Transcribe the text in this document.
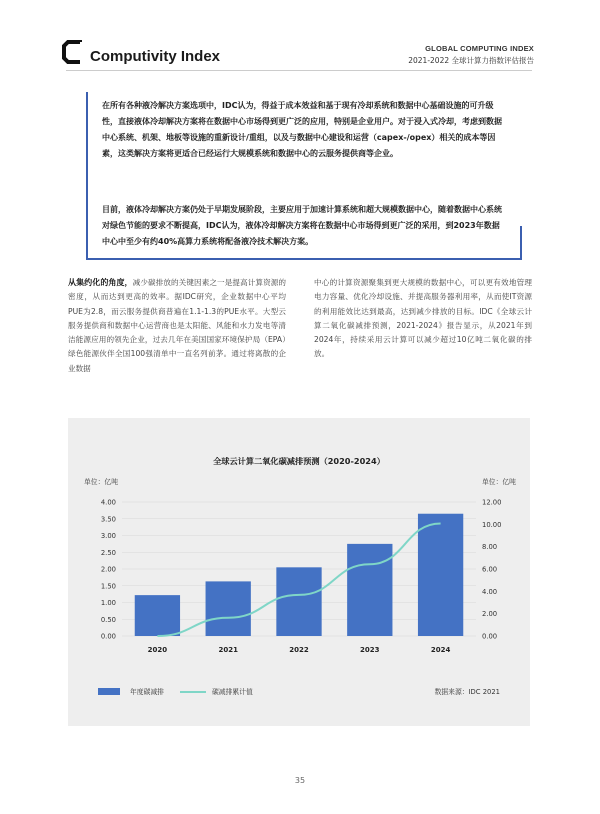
Computivity Index	GLOBAL COMPUTING INDEX
2021-2022 全球计算力指数评估报告

在所有各种液冷解决方案选项中，IDC认为，得益于成本效益和基于现有冷却系统和数据中心基础设施的可升级性，直接液体冷却解决方案将在数据中心市场得到更广泛的应用，特别是企业用户。对于浸入式冷却，考虑到数据中心系统、机架、地板等设施的重新设计/重组，以及与数据中心建设和运营（capex-/opex）相关的成本等因素，这类解决方案将更适合已经运行大规模系统和数据中心的云服务提供商等企业。

目前，液体冷却解决方案仍处于早期发展阶段，主要应用于加速计算系统和超大规模数据中心，随着数据中心系统对绿色节能的要求不断提高，IDC认为，液体冷却解决方案将在数据中心市场得到更广泛的采用，到2023年数据中心中至少有约40%高算力系统将配备液冷技术解决方案。

从集约化的角度，减少碳排放的关键因素之一是提高计算资源的密度，从而达到更高的效率。据IDC研究，企业数据中心平均PUE为2.8，而云服务提供商普遍在1.1-1.3的PUE水平。大型云服务提供商和数据中心运营商也是太阳能、风能和水力发电等清洁能源应用的领先企业，过去几年在美国国家环境保护局（EPA）绿色能源伙伴全国100强清单中一直名列前茅。通过将离散的企业数据
中心的计算资源聚集到更大规模的数据中心，可以更有效地管理电力容量、优化冷却设施、并提高服务器利用率，从而使IT资源的利用能效比达到最高，达到减少排放的目标。IDC《全球云计算二氧化碳减排预测，2021-2024》报告显示，从2021年到2024年，持续采用云计算可以减少超过10亿吨二氧化碳的排放。
全球云计算二氧化碳减排预测（2020-2024）
单位：亿吨	单位：亿吨
0.00
0.50
1.00
1.50
2.00
2.50
3.00
3.50
4.00
0.00
2.00
4.00
6.00
8.00
10.00
12.00
2020	2021	2022	2023	2024
年度碳减排	碳减排累计值	数据来源：IDC 2021
35
